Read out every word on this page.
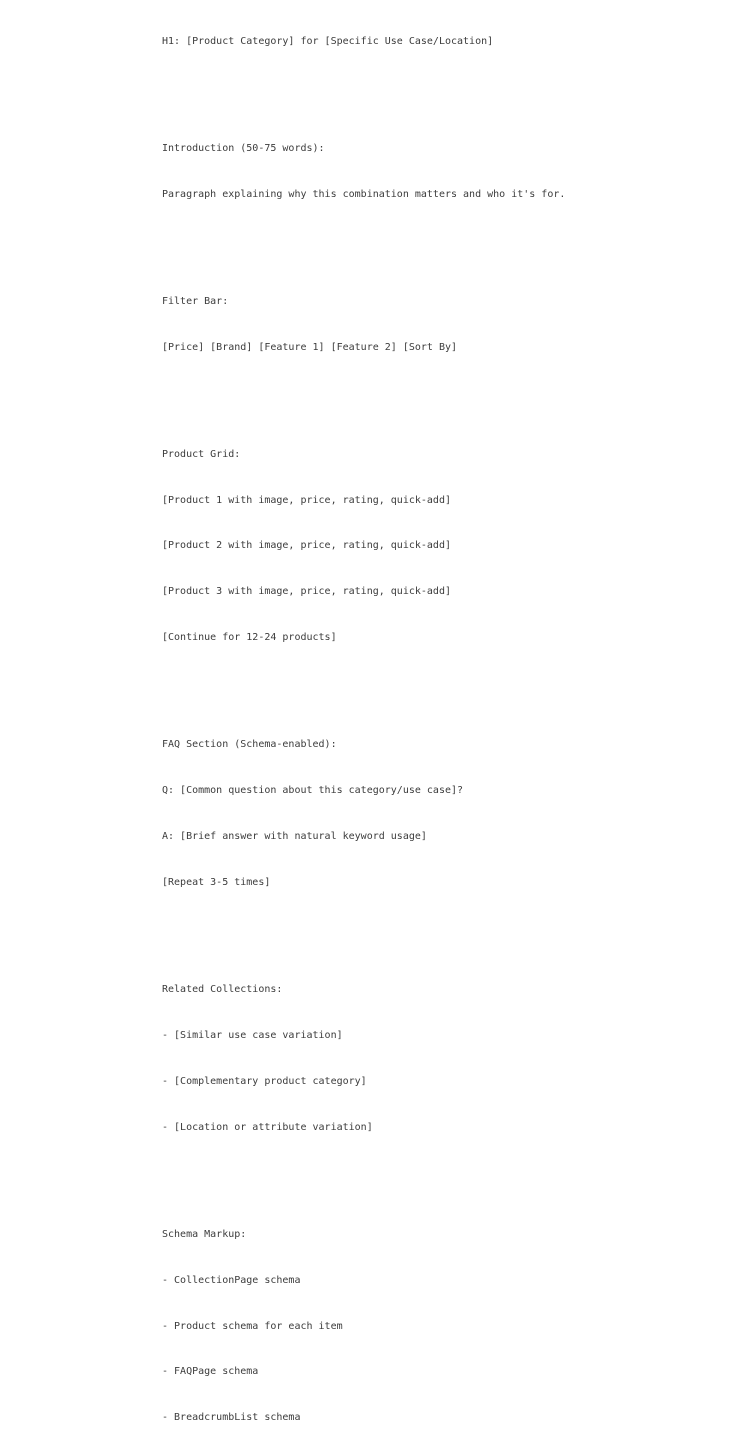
H1: [Product Category] for [Specific Use Case/Location]

Introduction (50-75 words):

Paragraph explaining why this combination matters and who it's for.

Filter Bar:

[Price] [Brand] [Feature 1] [Feature 2] [Sort By]

Product Grid:

[Product 1 with image, price, rating, quick-add]

[Product 2 with image, price, rating, quick-add]

[Product 3 with image, price, rating, quick-add]

[Continue for 12-24 products]

FAQ Section (Schema-enabled):

Q: [Common question about this category/use case]?

A: [Brief answer with natural keyword usage]

[Repeat 3-5 times]

Related Collections:

- [Similar use case variation]

- [Complementary product category]

- [Location or attribute variation]

Schema Markup:

- CollectionPage schema

- Product schema for each item

- FAQPage schema

- BreadcrumbList schema
